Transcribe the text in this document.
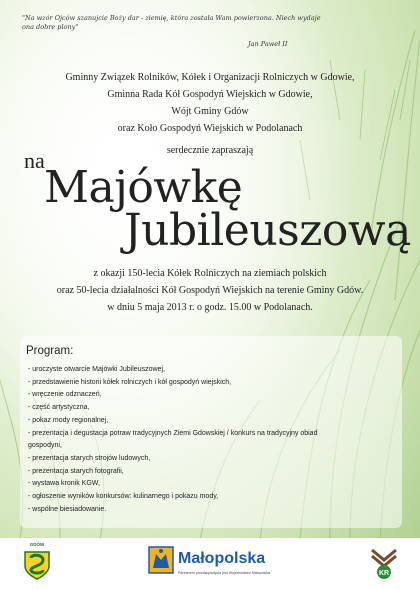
"Na wzór Ojców szanujcie Boży dar - ziemię, która została Wam powierzona. Niech wydaje ona dobre plony"
Jan Paweł II
Gminny Związek Rolników, Kółek i Organizacji Rolniczych w Gdowie,
Gminna Rada Kół Gospodyń Wiejskich w Gdowie,
Wójt Gminy Gdów
oraz Koło Gospodyń Wiejskich w Podolanach
serdecznie zapraszają
na
Majówkę
Jubileuszową
z okazji 150-lecia Kółek Rolniczych na ziemiach polskich
oraz 50-lecia działalności Kół Gospodyń Wiejskich na terenie Gminy Gdów.
w dniu 5 maja 2013 r. o godz. 15.00 w Podolanach.
Program:
- uroczyste otwarcie Majówki Jubileuszowej,
- przedstawienie historii kółek rolniczych i kół gospodyń wiejskich,
- wręczenie odznaczeń,
- część artystyczna,
- pokaz mody regionalnej,
- prezentacja i degustacja potraw tradycyjnych Ziemi Gdowskiej / konkurs na tradycyjny obiad
gospodyni,
- prezentacja starych strojów ludowych,
- prezentacja starych fotografii,
- wystawa kronik KGW,
- ogłoszenie wyników konkursów: kulinarnego i pokazu mody,
- wspólne biesiadowanie.
GDÓW
Małopolska
Partnerem przedsięwzięcia jest Województwo Małopolska	KR
